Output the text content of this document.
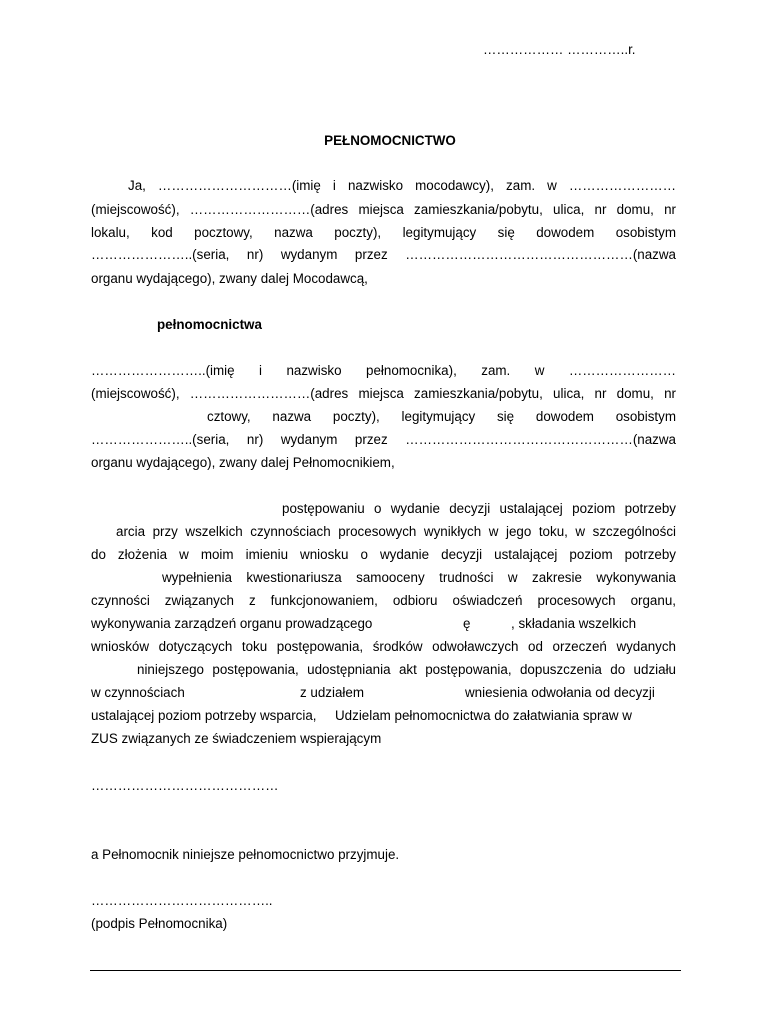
……………… …………..r.
PEŁNOMOCNICTWO
Ja, …………………………(imię i nazwisko mocodawcy), zam. w ……………………
(miejscowość), ………………………(adres miejsca zamieszkania/pobytu, ulica, nr domu, nr
lokalu, kod pocztowy, nazwa poczty), legitymujący się dowodem osobistym
…………………..(seria, nr) wydanym przez ……………………………………………(nazwa
organu wydającego), zwany dalej Mocodawcą,
pełnomocnictwa
……………………..(imię i nazwisko pełnomocnika), zam. w ……………………
(miejscowość), ………………………(adres miejsca zamieszkania/pobytu, ulica, nr domu, nr
cztowy, nazwa poczty), legitymujący się dowodem osobistym
…………………..(seria, nr) wydanym przez ……………………………………………(nazwa
organu wydającego), zwany dalej Pełnomocnikiem,
postępowaniu o wydanie decyzji ustalającej poziom potrzeby
arcia przy wszelkich czynnościach procesowych wynikłych w jego toku, w szczególności
do złożenia w moim imieniu wniosku o wydanie decyzji ustalającej poziom potrzeby
wypełnienia kwestionariusza samooceny trudności w zakresie wykonywania
czynności związanych z funkcjonowaniem, odbioru oświadczeń procesowych organu,
wykonywania zarządzeń organu prowadzącego	ę	, składania wszelkich
wniosków dotyczących toku postępowania, środków odwoławczych od orzeczeń wydanych
niniejszego postępowania, udostępniania akt postępowania, dopuszczenia do udziału
w czynnościach	z udziałem	wniesienia odwołania od decyzji
ustalającej poziom potrzeby wsparcia, Udzielam pełnomocnictwa do załatwiania spraw w
ZUS związanych ze świadczeniem wspierającym
……………………………………
a Pełnomocnik niniejsze pełnomocnictwo przyjmuje.
…………………………………..
(podpis Pełnomocnika)
